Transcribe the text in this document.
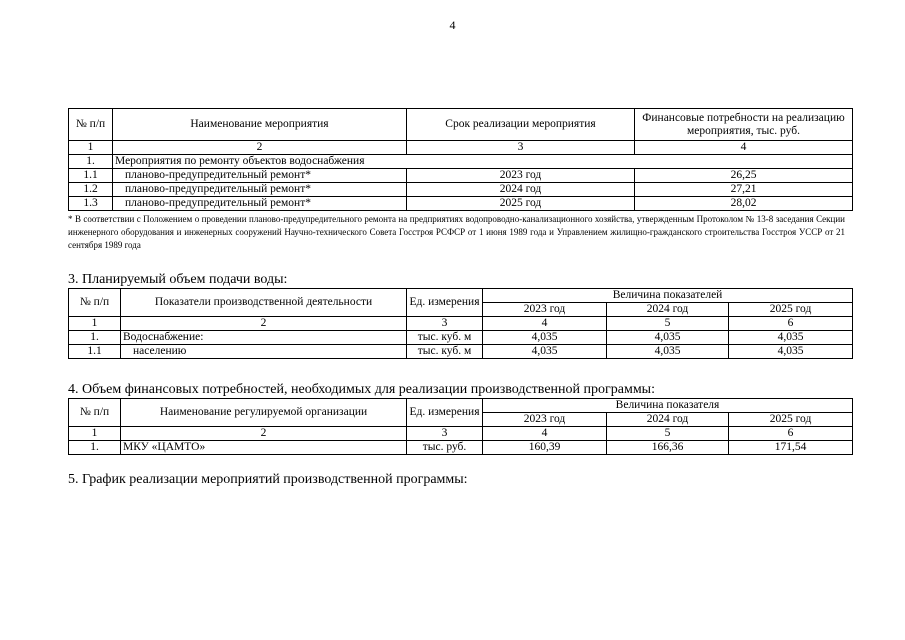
4
№ п/п	Наименование мероприятия	Срок реализации мероприятия	Финансовые потребности на реализацию мероприятия, тыс. руб.
1	2	3	4
1.	Мероприятия по ремонту объектов водоснабжения		
1.1	планово-предупредительный ремонт*	2023 год	26,25
1.2	планово-предупредительный ремонт*	2024 год	27,21
1.3	планово-предупредительный ремонт*	2025 год	28,02
* В соответствии с Положением о проведении планово-предупредительного ремонта на предприятиях водопроводно-канализационного хозяйства, утвержденным Протоколом № 13-8 заседания Секции инженерного оборудования и инженерных сооружений Научно-технического Совета Госстроя РСФСР от 1 июня 1989 года и Управлением жилищно-гражданского строительства Госстроя УССР от 21 сентября 1989 года
3. Планируемый объем подачи воды:
№ п/п	Показатели производственной деятельности	Ед. измерения	Величина показателей		
			2023 год	2024 год	2025 год
1	2	3	4	5	6
1.	Водоснабжение:	тыс. куб. м	4,035	4,035	4,035
1.1	населению	тыс. куб. м	4,035	4,035	4,035
4. Объем финансовых потребностей, необходимых для реализации производственной программы:
№ п/п	Наименование регулируемой организации	Ед. измерения	Величина показателя		
			2023 год	2024 год	2025 год
1	2	3	4	5	6
1.	МКУ «ЦАМТО»	тыс. руб.	160,39	166,36	171,54
5. График реализации мероприятий производственной программы:
